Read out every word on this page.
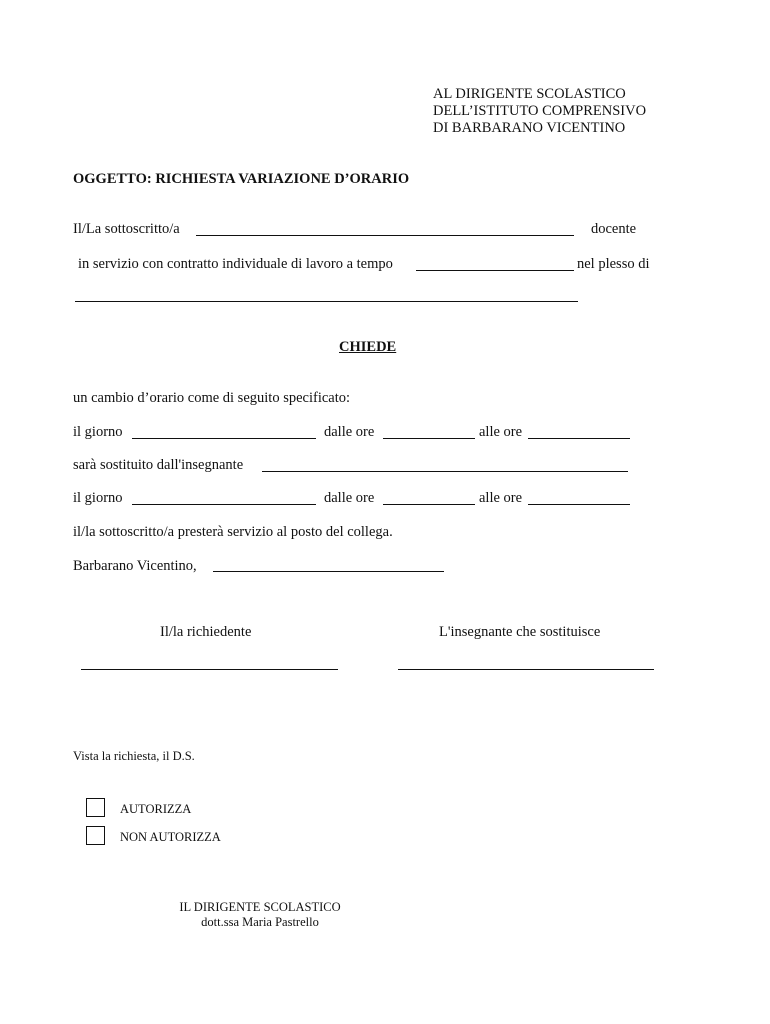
AL DIRIGENTE SCOLASTICO
DELL’ISTITUTO COMPRENSIVO
DI BARBARANO VICENTINO
OGGETTO: RICHIESTA VARIAZIONE D’ORARIO
Il/La sottoscritto/a	docente
in servizio con contratto individuale di lavoro a tempo	nel plesso di
CHIEDE
un cambio d’orario come di seguito specificato:
il giorno	dalle ore	alle ore
sarà sostituito dall'insegnante
il giorno	dalle ore	alle ore
il/la sottoscritto/a presterà servizio al posto del collega.
Barbarano Vicentino,
Il/la richiedente	L'insegnante che sostituisce
Vista la richiesta, il D.S.
AUTORIZZA
NON AUTORIZZA
IL DIRIGENTE SCOLASTICO
dott.ssa Maria Pastrello
